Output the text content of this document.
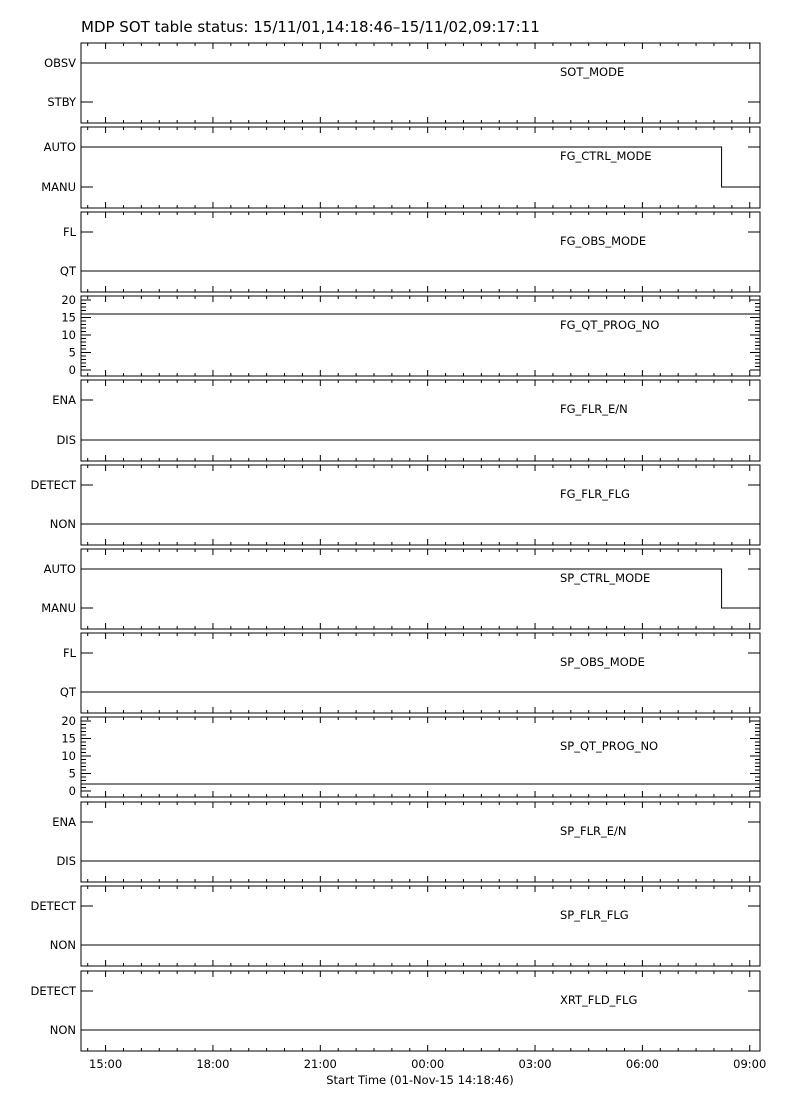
MDP SOT table status: 15/11/01,14:18:46–15/11/02,09:17:11
OBSV
STBY
SOT_MODE
AUTO
MANU
FG_CTRL_MODE
FL
QT
FG_OBS_MODE
0
5
10
15
20
FG_QT_PROG_NO
ENA
DIS
FG_FLR_E/N
DETECT
NON
FG_FLR_FLG
AUTO
MANU
SP_CTRL_MODE
FL
QT
SP_OBS_MODE
0
5
10
15
20
SP_QT_PROG_NO
ENA
DIS
SP_FLR_E/N
DETECT
NON
SP_FLR_FLG
DETECT
NON
XRT_FLD_FLG
15:00	18:00	21:00	00:00	03:00	06:00	09:00
Start Time (01-Nov-15 14:18:46)
